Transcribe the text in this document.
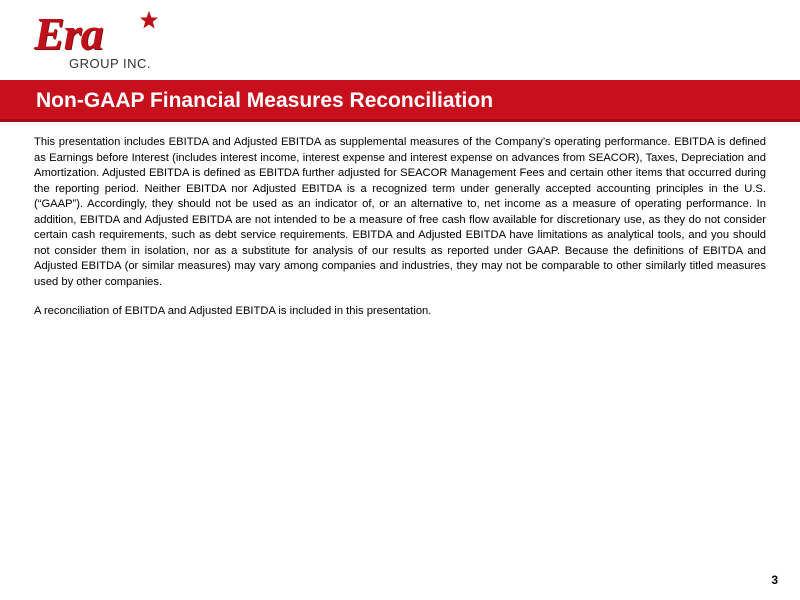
Era
GROUP INC.
Non-GAAP Financial Measures Reconciliation

This presentation includes EBITDA and Adjusted EBITDA as supplemental measures of the Company’s operating performance. EBITDA is defined as Earnings before Interest (includes interest income, interest expense and interest expense on advances from SEACOR), Taxes, Depreciation and Amortization. Adjusted EBITDA is defined as EBITDA further adjusted for SEACOR Management Fees and certain other items that occurred during the reporting period. Neither EBITDA nor Adjusted EBITDA is a recognized term under generally accepted accounting principles in the U.S. (“GAAP”). Accordingly, they should not be used as an indicator of, or an alternative to, net income as a measure of operating performance. In addition, EBITDA and Adjusted EBITDA are not intended to be a measure of free cash flow available for discretionary use, as they do not consider certain cash requirements, such as debt service requirements. EBITDA and Adjusted EBITDA have limitations as analytical tools, and you should not consider them in isolation, nor as a substitute for analysis of our results as reported under GAAP. Because the definitions of EBITDA and Adjusted EBITDA (or similar measures) may vary among companies and industries, they may not be comparable to other similarly titled measures used by other companies.

A reconciliation of EBITDA and Adjusted EBITDA is included in this presentation.

3
